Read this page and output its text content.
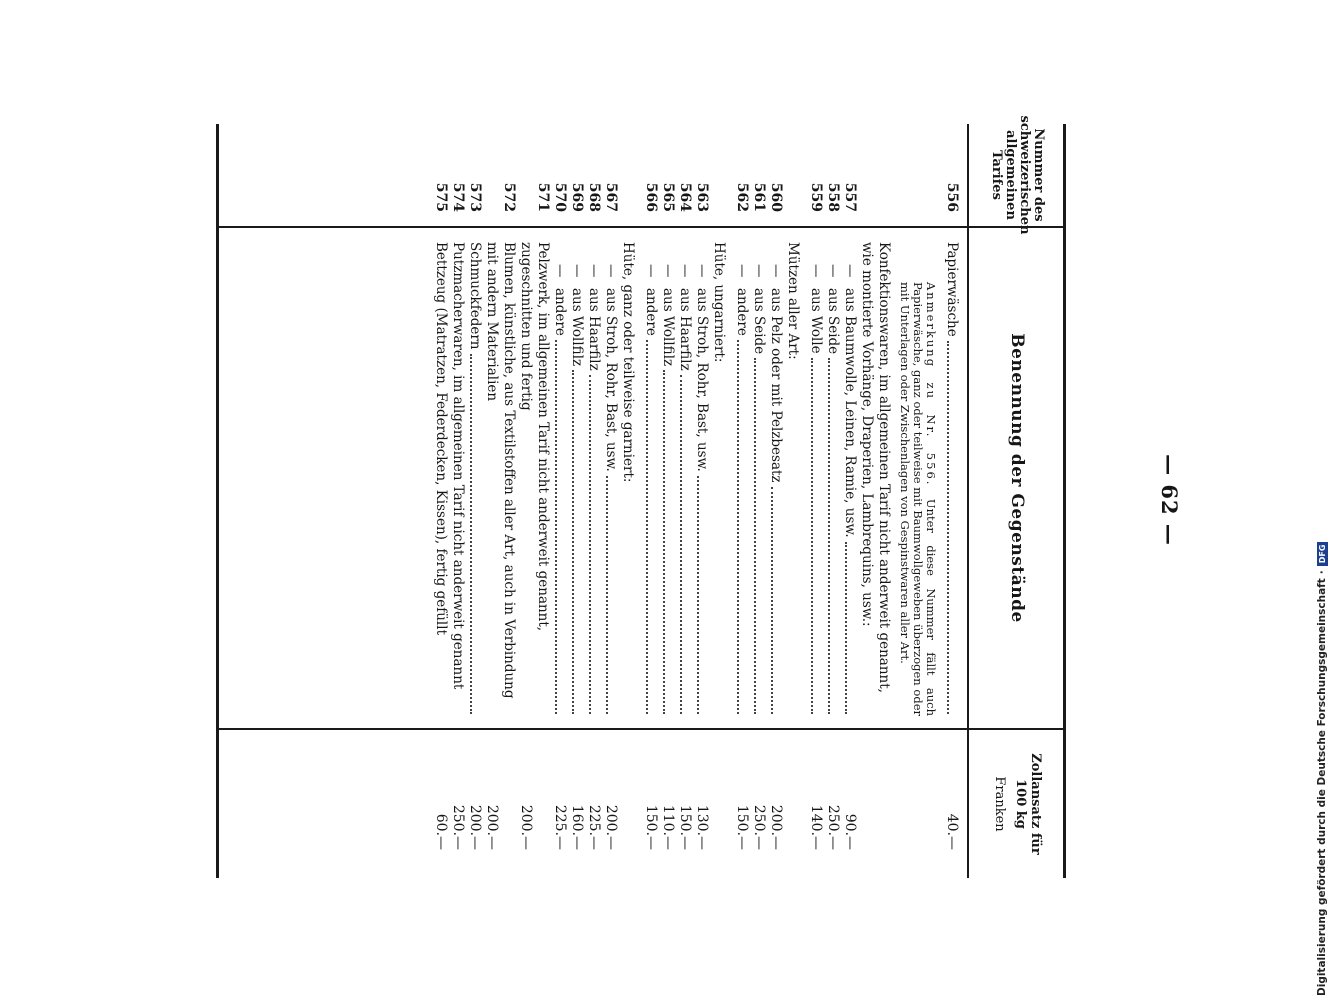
— 62 —
Nummer des
schweizerischen
allgemeinen
Tarifes
Benennung der Gegenstände
Zollansatz für
100 kg
Franken
556
Papierwäsche
40.—
Anmerkung zu Nr. 556. Unter diese Nummer fällt auch Papierwäsche, ganz oder teilweise mit Baumwollgeweben überzogen oder mit Unterlagen oder Zwischenlagen von Gespinstwaren aller Art.
Konfektionswaren, im allgemeinen Tarif nicht anderweit genannt, wie montierte Vorhänge, Draperien, Lambrequins, usw.:
557
—
aus Baumwolle, Leinen, Ramie, usw.
90.—
558
—
aus Seide
250.—
559
—
aus Wolle
140.—
Mützen aller Art:
560
—
aus Pelz oder mit Pelzbesatz
200.—
561
—
aus Seide
250.—
562
—
andere
150.—
Hüte, ungarniert:
563
—
aus Stroh, Rohr, Bast, usw.
130.—
564
—
aus Haarfilz
150.—
565
—
aus Wollfilz
110.—
566
—
andere
150.—
Hüte, ganz oder teilweise garniert:
567
—
aus Stroh, Rohr, Bast, usw.
200.—
568
—
aus Haarfilz
225.—
569
—
aus Wollfilz
160.—
570
—
andere
225.—
571
Pelzwerk, im allgemeinen Tarif nicht anderweit genannt, zugeschnitten und fertig
200.—
572
Blumen, künstliche, aus Textilstoffen aller Art, auch in Verbindung mit andern Materialien
200.—
573
Schmuckfedern
200.—
574
Putzmacherwaren, im allgemeinen Tarif nicht anderweit genannt
250.—
575
Bettzeug (Matratzen, Federdecken, Kissen), fertig gefüllt
60.—	Digitalisierung gefördert durch die Deutsche Forschungsgemeinschaft
·
DFG
